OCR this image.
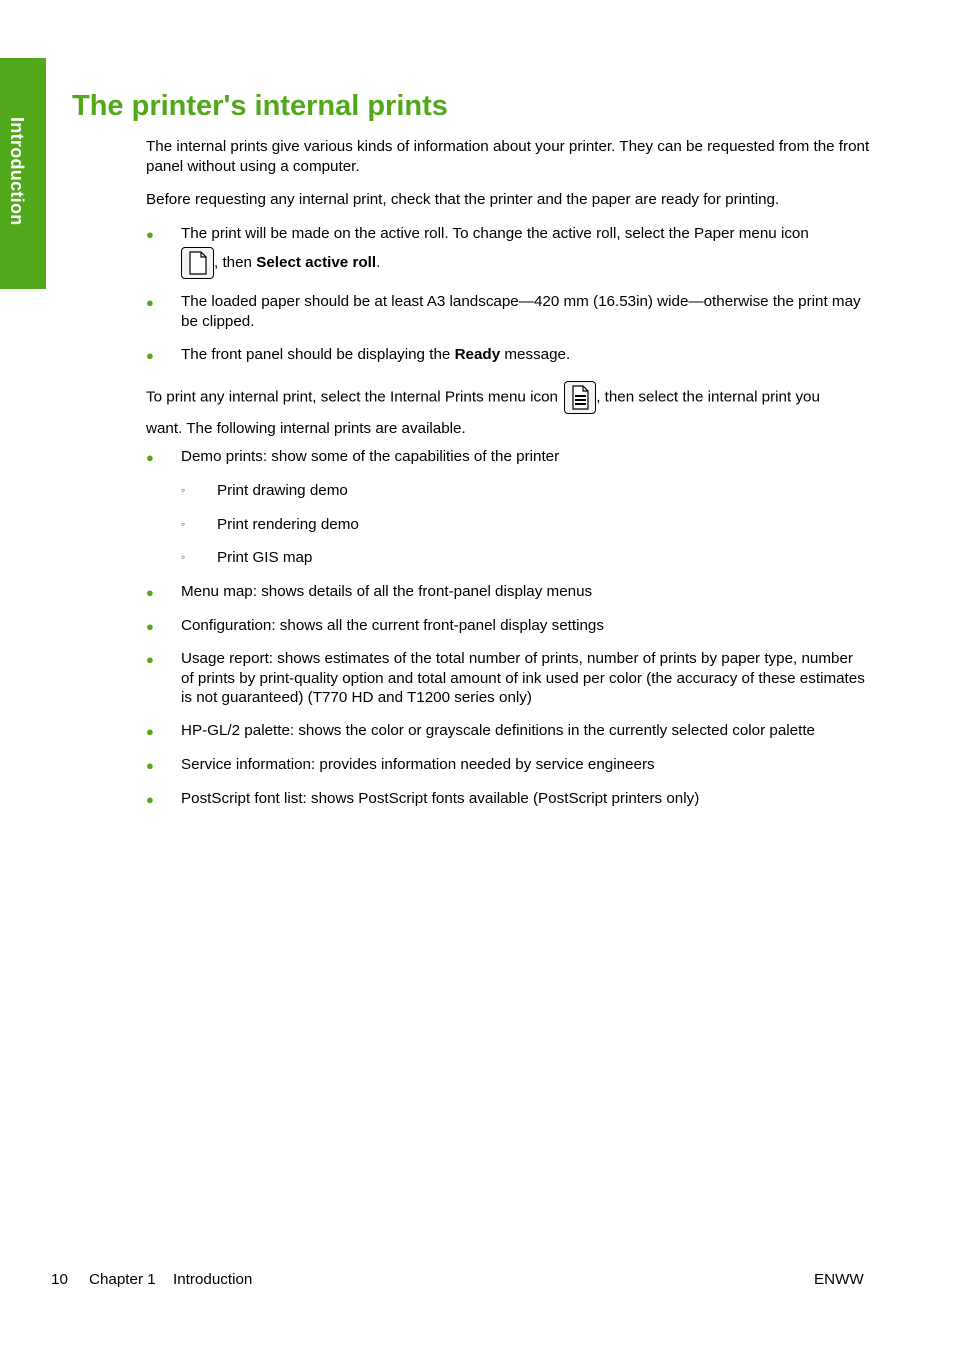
Introduction
The printer's internal prints

The internal prints give various kinds of information about your printer. They can be requested from the front panel without using a computer.

Before requesting any internal print, check that the printer and the paper are ready for printing.

● The print will be made on the active roll. To change the active roll, select the Paper menu icon
, then Select active roll.
● The loaded paper should be at least A3 landscape—420 mm (16.53in) wide—otherwise the print may be clipped.
● The front panel should be displaying the Ready message.
To print any internal print, select the Internal Prints menu icon	, then select the internal print you
want. The following internal prints are available.
● Demo prints: show some of the capabilities of the printer
◦ Print drawing demo
◦ Print rendering demo
◦ Print GIS map
● Menu map: shows details of all the front-panel display menus
● Configuration: shows all the current front-panel display settings
● Usage report: shows estimates of the total number of prints, number of prints by paper type, number of prints by print-quality option and total amount of ink used per color (the accuracy of these estimates is not guaranteed) (T770 HD and T1200 series only)
● HP-GL/2 palette: shows the color or grayscale definitions in the currently selected color palette
● Service information: provides information needed by service engineers
● PostScript font list: shows PostScript fonts available (PostScript printers only)
10 Chapter 1 Introduction	ENWW
